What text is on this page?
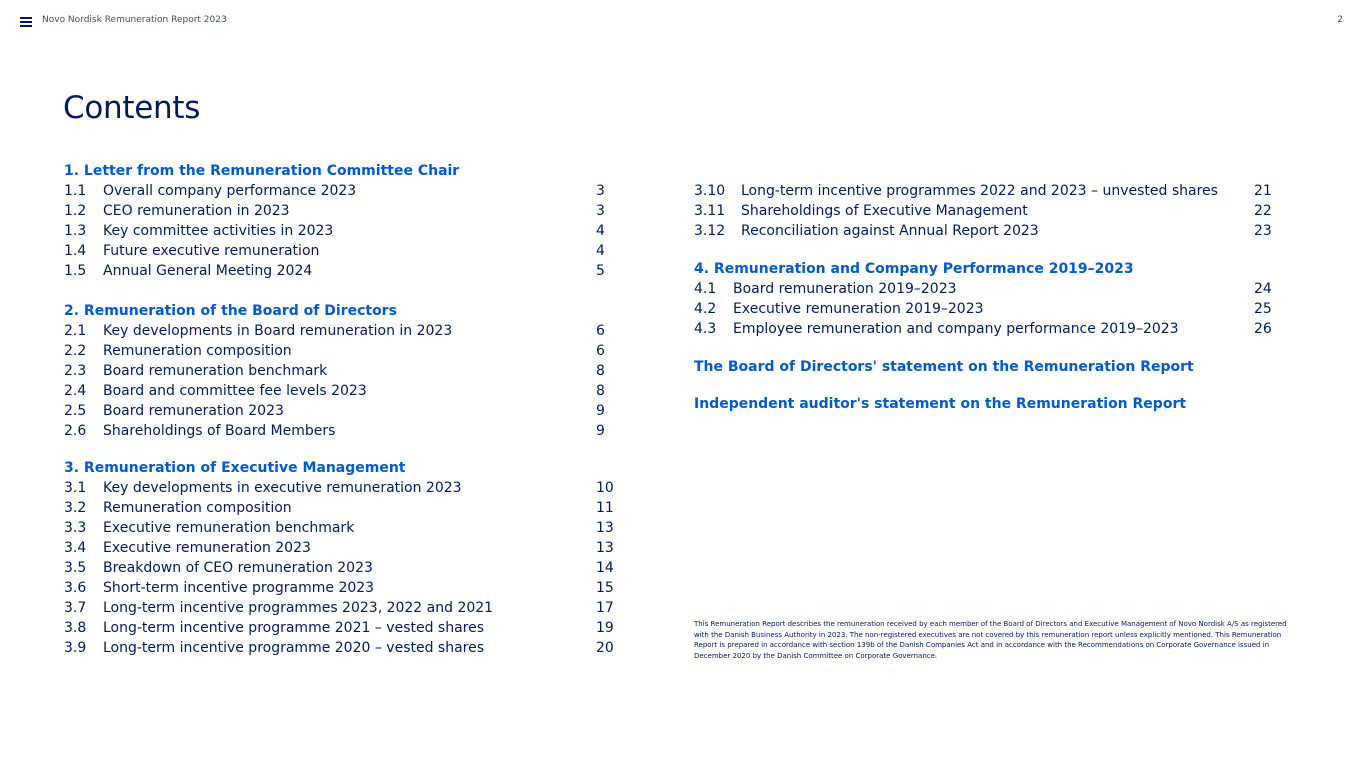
Novo Nordisk Remuneration Report 2023	2
Contents
1. Letter from the Remuneration Committee Chair
1.1 Overall company performance 2023	3
1.2 CEO remuneration in 2023	3
1.3 Key committee activities in 2023	4
1.4 Future executive remuneration	4
1.5 Annual General Meeting 2024	5
2. Remuneration of the Board of Directors
2.1 Key developments in Board remuneration in 2023	6
2.2 Remuneration composition	6
2.3 Board remuneration benchmark	8
2.4 Board and committee fee levels 2023	8
2.5 Board remuneration 2023	9
2.6 Shareholdings of Board Members	9
3. Remuneration of Executive Management
3.1 Key developments in executive remuneration 2023	10
3.2 Remuneration composition	11
3.3 Executive remuneration benchmark	13
3.4 Executive remuneration 2023	13
3.5 Breakdown of CEO remuneration 2023	14
3.6 Short-term incentive programme 2023	15
3.7 Long-term incentive programmes 2023, 2022 and 2021	17
3.8 Long-term incentive programme 2021 – vested shares	19
3.9 Long-term incentive programme 2020 – vested shares	20
3.10 Long-term incentive programmes 2022 and 2023 – unvested shares	21
3.11 Shareholdings of Executive Management	22
3.12 Reconciliation against Annual Report 2023	23
4. Remuneration and Company Performance 2019–2023
4.1 Board remuneration 2019–2023	24
4.2 Executive remuneration 2019–2023	25
4.3 Employee remuneration and company performance 2019–2023	26
The Board of Directors' statement on the Remuneration Report
Independent auditor's statement on the Remuneration Report

This Remuneration Report describes the remuneration received by each member of the Board of Directors and Executive Management of Novo Nordisk A/S as registered with the Danish Business Authority in 2023. The non-registered executives are not covered by this remuneration report unless explicitly mentioned. This Remuneration Report is prepared in accordance with section 139b of the Danish Companies Act and in accordance with the Recommendations on Corporate Governance issued in December 2020 by the Danish Committee on Corporate Governance.
